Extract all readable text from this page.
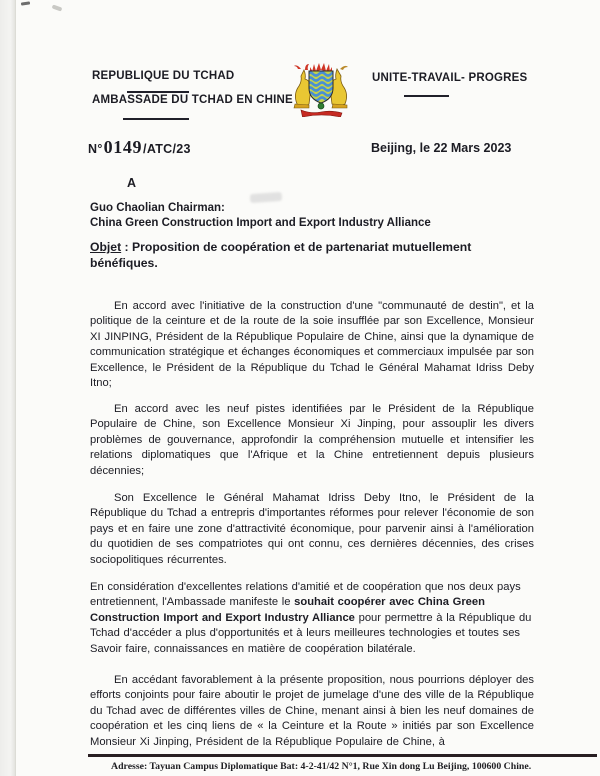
REPUBLIQUE DU TCHAD
AMBASSADE DU TCHAD EN CHINE
UNITE-TRAVAIL- PROGRES
N° 0149 /ATC/23	Beijing, le 22 Mars 2023
A
Guo Chaolian Chairman:
China Green Construction Import and Export Industry Alliance
Objet : Proposition de coopération et de partenariat mutuellement bénéfiques.
En accord avec l'initiative de la construction d'une "communauté de destin", et la politique de la ceinture et de la route de la soie insufflée par son Excellence, Monsieur XI JINPING, Président de la République Populaire de Chine, ainsi que la dynamique de communication stratégique et échanges économiques et commerciaux impulsée par son Excellence, le Président de la République du Tchad le Général Mahamat Idriss Deby Itno;
En accord avec les neuf pistes identifiées par le Président de la République Populaire de Chine, son Excellence Monsieur Xi Jinping, pour assouplir les divers problèmes de gouvernance, approfondir la compréhension mutuelle et intensifier les relations diplomatiques que l'Afrique et la Chine entretiennent depuis plusieurs décennies;
Son Excellence le Général Mahamat Idriss Deby Itno, le Président de la République du Tchad a entrepris d'importantes réformes pour relever l'économie de son pays et en faire une zone d'attractivité économique, pour parvenir ainsi à l'amélioration du quotidien de ses compatriotes qui ont connu, ces dernières décennies, des crises sociopolitiques récurrentes.
En considération d'excellentes relations d'amitié et de coopération que nos deux pays entretiennent, l'Ambassade manifeste le souhait coopérer avec China Green Construction Import and Export Industry Alliance pour permettre à la République du Tchad d'accéder a plus d'opportunités et à leurs meilleures technologies et toutes ses Savoir faire, connaissances en matière de coopération bilatérale.
En accédant favorablement à la présente proposition, nous pourrions déployer des efforts conjoints pour faire aboutir le projet de jumelage d'une des ville de la République du Tchad avec de différentes villes de Chine, menant ainsi à bien les neuf domaines de coopération et les cinq liens de « la Ceinture et la Route » initiés par son Excellence Monsieur Xi Jinping, Président de la République Populaire de Chine, à
Adresse: Tayuan Campus Diplomatique Bat: 4-2-41/42 N°1, Rue Xin dong Lu Beijing, 100600 Chine.
